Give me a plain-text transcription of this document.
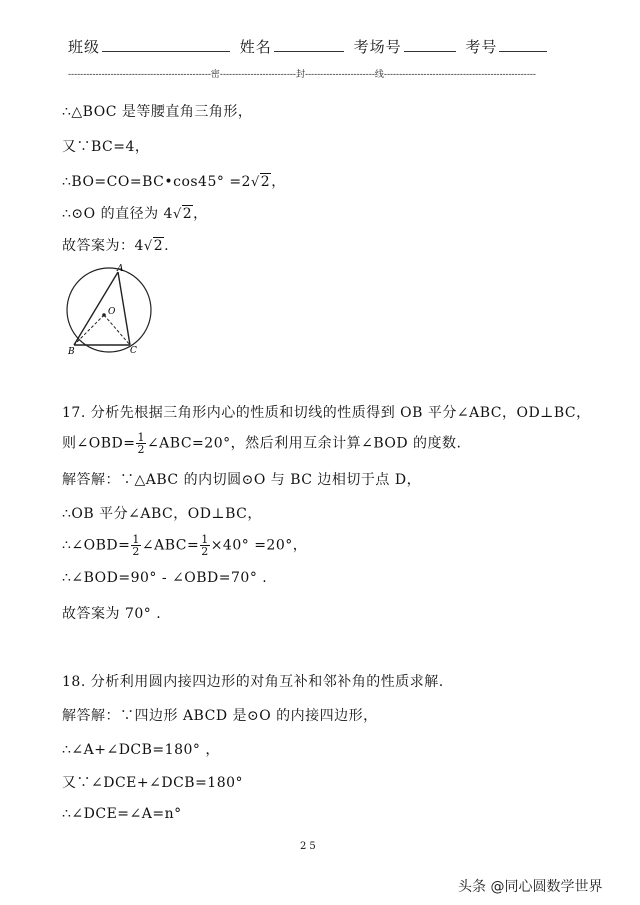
班级	姓名	考场号	考号
-----------------------------------------------密-------------------------封-----------------------线--------------------------------------------------
∴△BOC 是等腰直角三角形，
又∵BC=4，
∴BO=CO=BC•cos45° =2√2，
∴⊙O 的直径为 4√2，
故答案为：4√2.
A
O
B	C
17. 分析先根据三角形内心的性质和切线的性质得到 OB 平分∠ABC，OD⊥BC，
则∠OBD= $\frac{1}{2}$ ∠ABC=20°，然后利用互余计算∠BOD 的度数.
解答解：∵△ABC 的内切圆⊙O 与 BC 边相切于点 D，
∴OB 平分∠ABC，OD⊥BC，
∴∠OBD= $\frac{1}{2}$ ∠ABC= $\frac{1}{2} \times 40^\circ =20^\circ$，
∴∠BOD=90° - ∠OBD=70° .
故答案为 70° .
18. 分析利用圆内接四边形的对角互补和邻补角的性质求解.
解答解：∵四边形 ABCD 是⊙O 的内接四边形，
∴∠A+∠DCB=180° ，
又∵∠DCE+∠DCB=180°
∴∠DCE=∠A=n°
25
头条 @同心圆数学世界
